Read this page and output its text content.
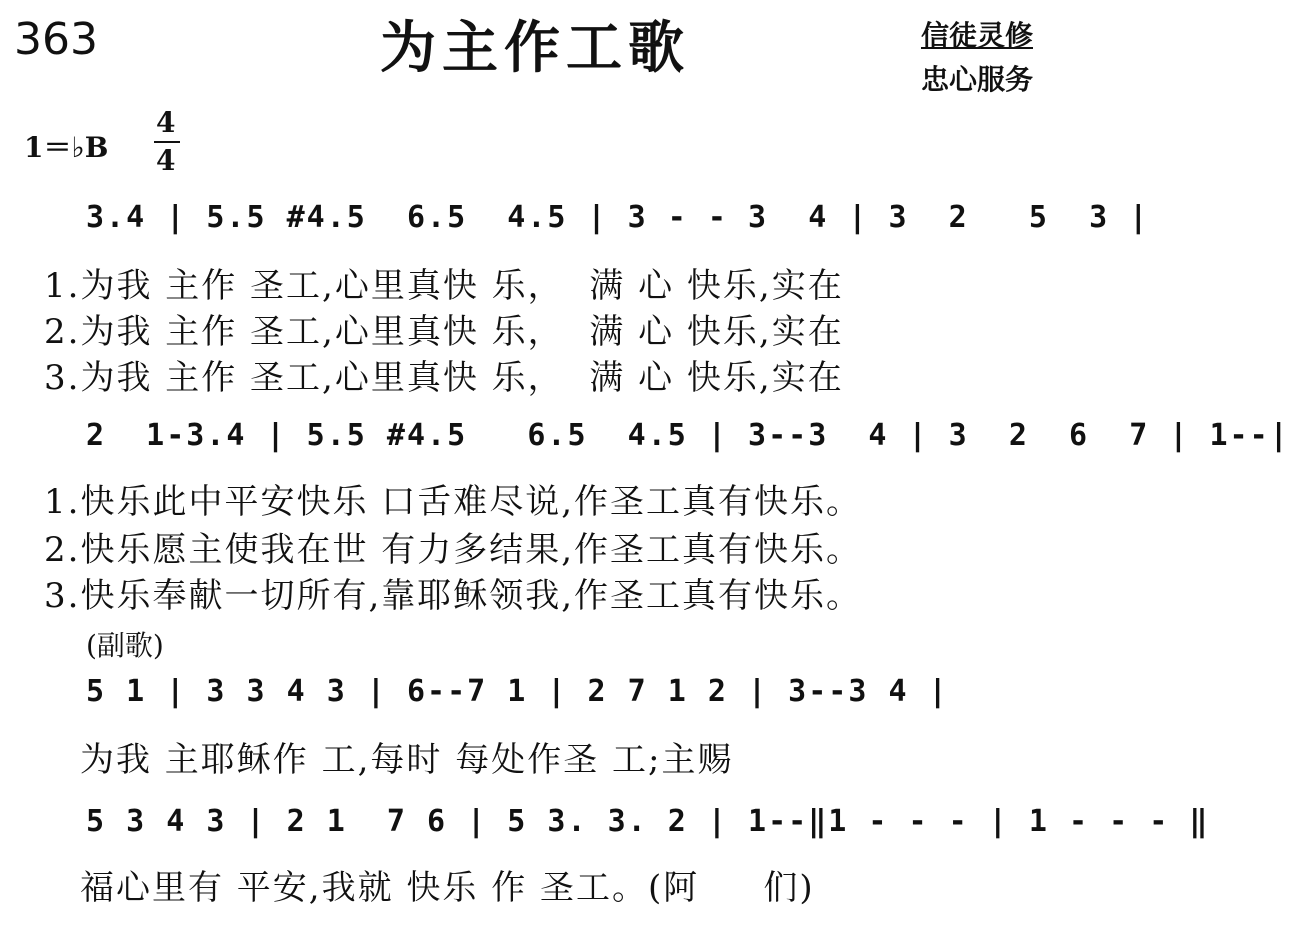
363	为主作工歌	信徒灵修
忠心服务
1＝♭B
4
4
3.4 | 5.5 #4.5  6.5  4.5 | 3 - - 3  4 | 3  2   5  3 |
1.为我 主作 圣工,心里真快 乐，  满 心 快乐,实在
2.为我 主作 圣工,心里真快 乐，  满 心 快乐,实在
3.为我 主作 圣工,心里真快 乐，  满 心 快乐,实在
2  1-3.4 | 5.5 #4.5   6.5  4.5 | 3--3  4 | 3  2  6  7 | 1--|
1.快乐此中平安快乐 口舌难尽说,作圣工真有快乐。
2.快乐愿主使我在世 有力多结果,作圣工真有快乐。
3.快乐奉献一切所有,靠耶稣领我,作圣工真有快乐。
(副歌)
5 1 | 3 3 4 3 | 6--7 1 | 2 7 1 2 | 3--3 4 |
为我 主耶稣作 工,每时 每处作圣 工;主赐
5 3 4 3 | 2 1  7 6 | 5 3. 3. 2 | 1--‖1 - - - | 1 - - - ‖
福心里有 平安,我就 快乐 作 圣工。(阿     们)
